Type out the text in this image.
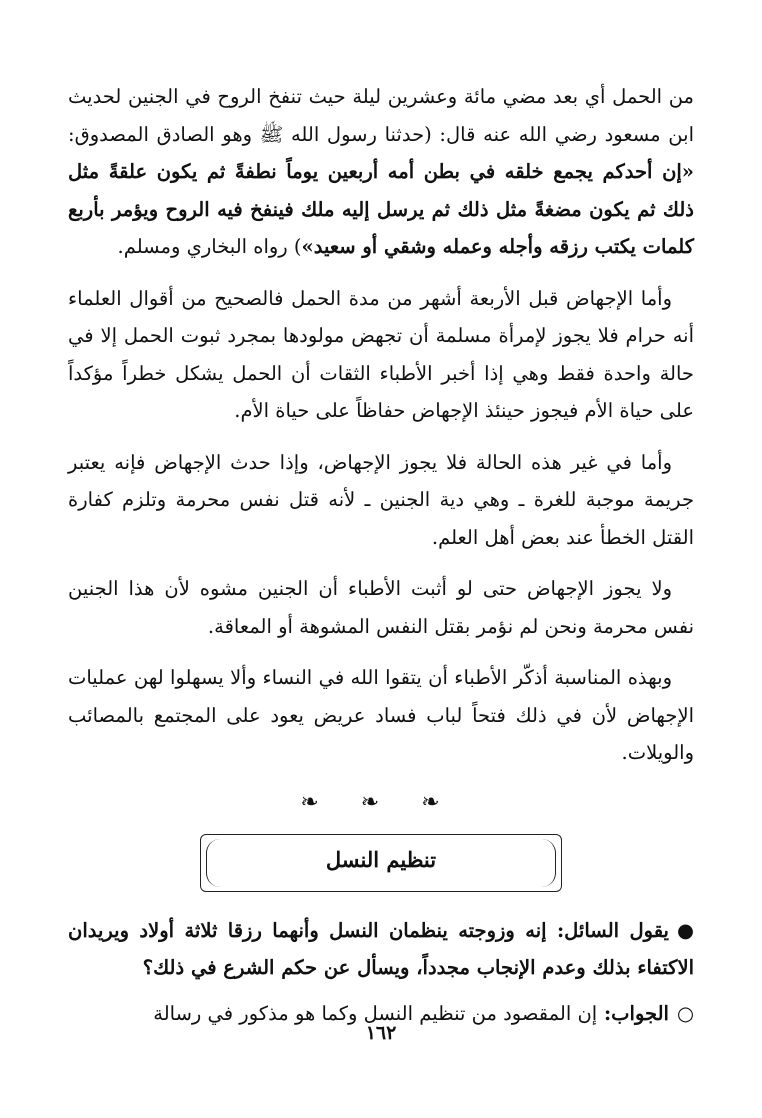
من الحمل أي بعد مضي مائة وعشرين ليلة حيث تنفخ الروح في الجنين لحديث ابن مسعود رضي الله عنه قال: (حدثنا رسول الله ﷺ وهو الصادق المصدوق: «إن أحدكم يجمع خلقه في بطن أمه أربعين يوماً نطفةً ثم يكون علقةً مثل ذلك ثم يكون مضغةً مثل ذلك ثم يرسل إليه ملك فينفخ فيه الروح ويؤمر بأربع كلمات يكتب رزقه وأجله وعمله وشقي أو سعيد») رواه البخاري ومسلم.

وأما الإجهاض قبل الأربعة أشهر من مدة الحمل فالصحيح من أقوال العلماء أنه حرام فلا يجوز لإمرأة مسلمة أن تجهض مولودها بمجرد ثبوت الحمل إلا في حالة واحدة فقط وهي إذا أخبر الأطباء الثقات أن الحمل يشكل خطراً مؤكداً على حياة الأم فيجوز حينئذ الإجهاض حفاظاً على حياة الأم.

وأما في غير هذه الحالة فلا يجوز الإجهاض، وإذا حدث الإجهاض فإنه يعتبر جريمة موجبة للغرة ـ وهي دية الجنين ـ لأنه قتل نفس محرمة وتلزم كفارة القتل الخطأ عند بعض أهل العلم.

ولا يجوز الإجهاض حتى لو أثبت الأطباء أن الجنين مشوه لأن هذا الجنين نفس محرمة ونحن لم نؤمر بقتل النفس المشوهة أو المعاقة.

وبهذه المناسبة أذكّر الأطباء أن يتقوا الله في النساء وألا يسهلوا لهن عمليات الإجهاض لأن في ذلك فتحاً لباب فساد عريض يعود على المجتمع بالمصائب والويلات.

❧ ❧ ❧
تنظيم النسل

●يقول السائل: إنه وزوجته ينظمان النسل وأنهما رزقا ثلاثة أولاد ويريدان الاكتفاء بذلك وعدم الإنجاب مجدداً، ويسأل عن حكم الشرع في ذلك؟

○الجواب: إن المقصود من تنظيم النسل وكما هو مذكور في رسالة

١٦٢
